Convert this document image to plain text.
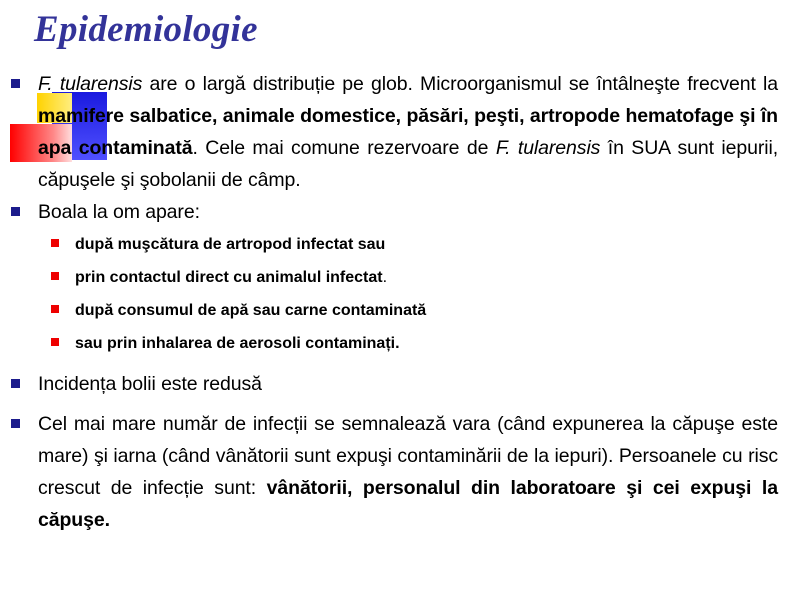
Epidemiologie
F. tularensis are o largă distribuție pe glob. Microorganismul se întâlneşte frecvent la mamifere salbatice, animale domestice, păsări, peşti, artropode hematofage şi în apa contaminată. Cele mai comune rezervoare de F. tularensis în SUA sunt iepurii, căpuşele şi şobolanii de câmp.
Boala la om apare:
după muşcătura de artropod infectat sau
prin contactul direct cu animalul infectat.
după consumul de apă sau carne contaminată
sau prin inhalarea de aerosoli contaminați.
Incidența bolii este redusă
Cel mai mare număr de infecții se semnalează vara (când expunerea la căpuşe este mare) şi iarna (când vânătorii sunt expuşi contaminării de la iepuri). Persoanele cu risc crescut de infecție sunt: vânătorii, personalul din laboratoare şi cei expuşi la căpuşe.
